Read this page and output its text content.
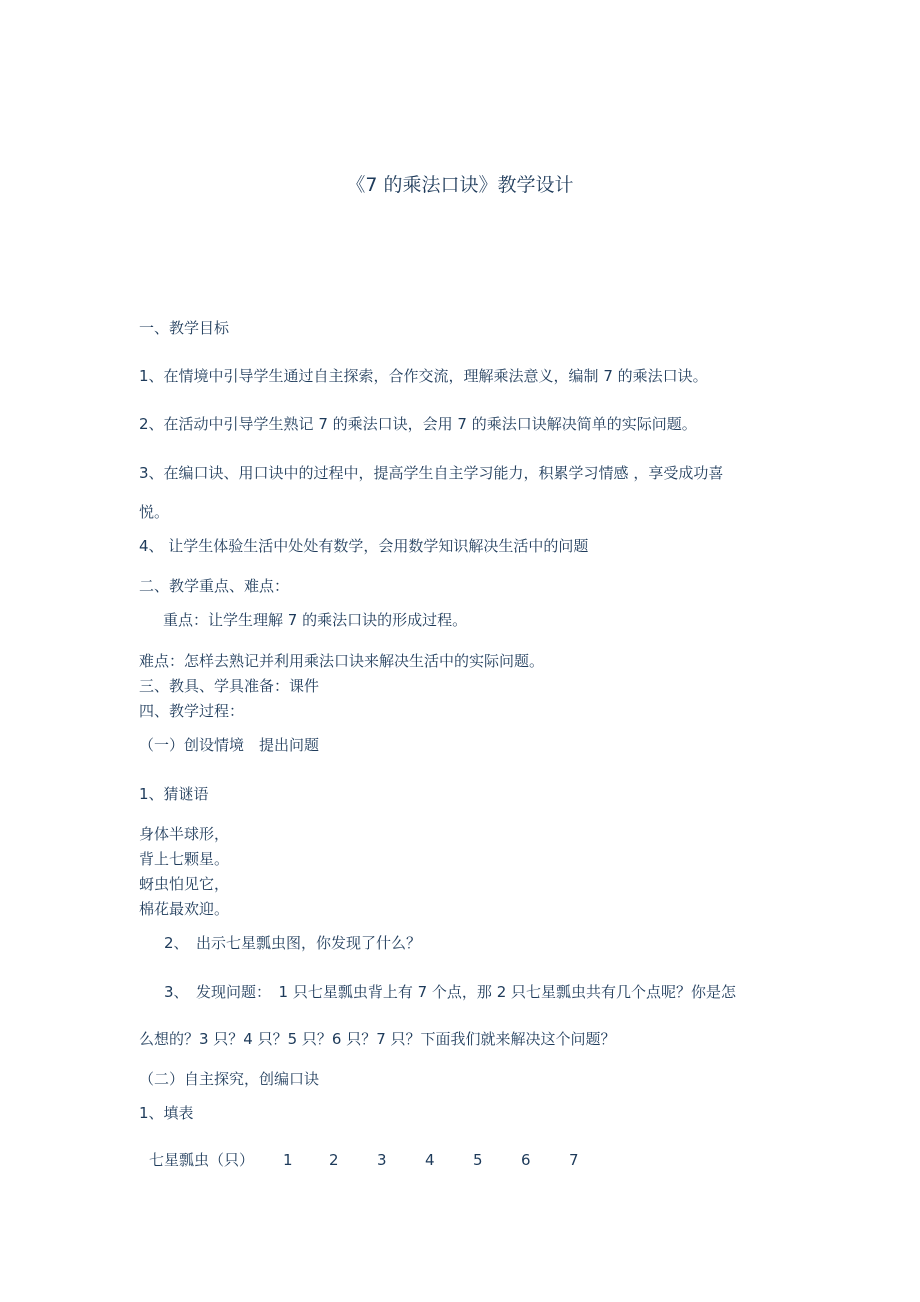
《7 的乘法口诀》教学设计
一、教学目标
1、在情境中引导学生通过自主探索，合作交流，理解乘法意义，编制 7 的乘法口诀。
2、在活动中引导学生熟记 7 的乘法口诀，会用 7 的乘法口诀解决简单的实际问题。
3、在编口诀、用口诀中的过程中，提高学生自主学习能力，积累学习情感 ，享受成功喜
悦。
4、 让学生体验生活中处处有数学，会用数学知识解决生活中的问题
二、教学重点、难点：
重点：让学生理解 7 的乘法口诀的形成过程。
难点：怎样去熟记并利用乘法口诀来解决生活中的实际问题。
三、教具、学具准备：课件
四、教学过程：
（一）创设情境　提出问题
1、猜谜语
身体半球形，
背上七颗星。
蚜虫怕见它，
棉花最欢迎。
2、　出示七星瓢虫图，你发现了什么？
3、　发现问题：　1 只七星瓢虫背上有 7 个点，那 2 只七星瓢虫共有几个点呢？你是怎
么想的？3 只？4 只？5 只？6 只？7 只？下面我们就来解决这个问题？
（二）自主探究，创编口诀
1、填表
七星瓢虫（只） 1 2	3	4	5	6	7
